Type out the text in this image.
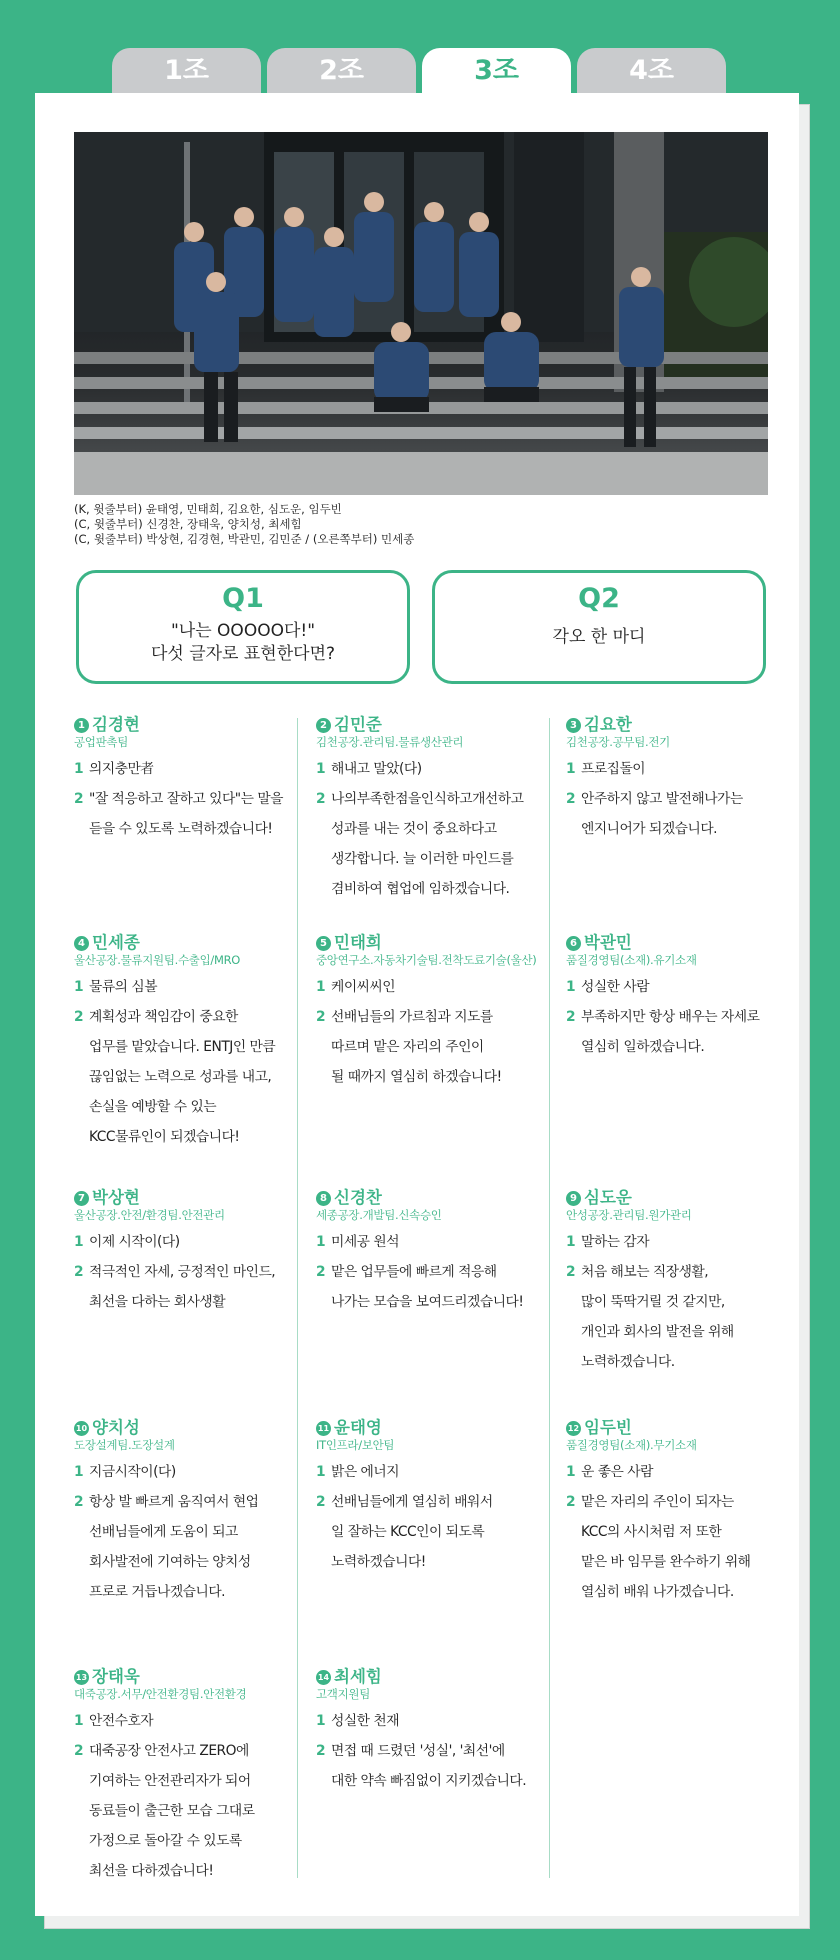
1조	2조	3조	4조
(K, 윗줄부터) 윤태영, 민태희, 김요한, 심도운, 임두빈
(C, 윗줄부터) 신경찬, 장태욱, 양치성, 최세힘
(C, 윗줄부터) 박상현, 김경현, 박관민, 김민준 / (오른쪽부터) 민세종
Q1
"나는 OOOOO다!"
다섯 글자로 표현한다면?
Q2
각오 한 마디
1 김경현
공업판촉팀
1 의지충만者
2 "잘 적응하고 잘하고 있다"는 말을
듣을 수 있도록 노력하겠습니다!
2 김민준
김천공장.관리팀.물류생산관리
1 해내고 말았(다)
2 나의부족한점을인식하고개선하고
성과를 내는 것이 중요하다고
생각합니다. 늘 이러한 마인드를
겸비하여 협업에 임하겠습니다.
3 김요한
김천공장.공무팀.전기
1 프로집돌이
2 안주하지 않고 발전해나가는
엔지니어가 되겠습니다.
4 민세종
울산공장.물류지원팀.수출입/MRO
1 물류의 심볼
2 계획성과 책임감이 중요한
업무를 맡았습니다. ENTJ인 만큼
끊임없는 노력으로 성과를 내고,
손실을 예방할 수 있는
KCC물류인이 되겠습니다!
5 민태희
중앙연구소.자동차기술팀.전착도료기술(울산)
1 케이씨씨인
2 선배님들의 가르침과 지도를
따르며 맡은 자리의 주인이
될 때까지 열심히 하겠습니다!
6 박관민
품질경영팀(소재).유기소재
1 성실한 사람
2 부족하지만 항상 배우는 자세로
열심히 일하겠습니다.
7 박상현
울산공장.안전/환경팀.안전관리
1 이제 시작이(다)
2 적극적인 자세, 긍정적인 마인드,
최선을 다하는 회사생활
8 신경찬
세종공장.개발팀.신속승인
1 미세공 원석
2 맡은 업무들에 빠르게 적응해
나가는 모습을 보여드리겠습니다!
9 심도운
안성공장.관리팀.원가관리
1 말하는 감자
2 처음 해보는 직장생활,
많이 뚝딱거릴 것 같지만,
개인과 회사의 발전을 위해
노력하겠습니다.
10 양치성
도장설계팀.도장설계
1 지금시작이(다)
2 항상 발 빠르게 움직여서 현업
선배님들에게 도움이 되고
회사발전에 기여하는 양치성
프로로 거듭나겠습니다.
11 윤태영
IT인프라/보안팀
1 밝은 에너지
2 선배님들에게 열심히 배워서
일 잘하는 KCC인이 되도록
노력하겠습니다!
12 임두빈
품질경영팀(소재).무기소재
1 운 좋은 사람
2 맡은 자리의 주인이 되자는
KCC의 사시처럼 저 또한
맡은 바 임무를 완수하기 위해
열심히 배워 나가겠습니다.
13 장태욱
대죽공장.서무/안전환경팀.안전환경
1 안전수호자
2 대죽공장 안전사고 ZERO에
기여하는 안전관리자가 되어
동료들이 출근한 모습 그대로
가정으로 돌아갈 수 있도록
최선을 다하겠습니다!
14 최세힘
고객지원팀
1 성실한 천재
2 면접 때 드렸던 '성실', '최선'에
대한 약속 빠짐없이 지키겠습니다.
